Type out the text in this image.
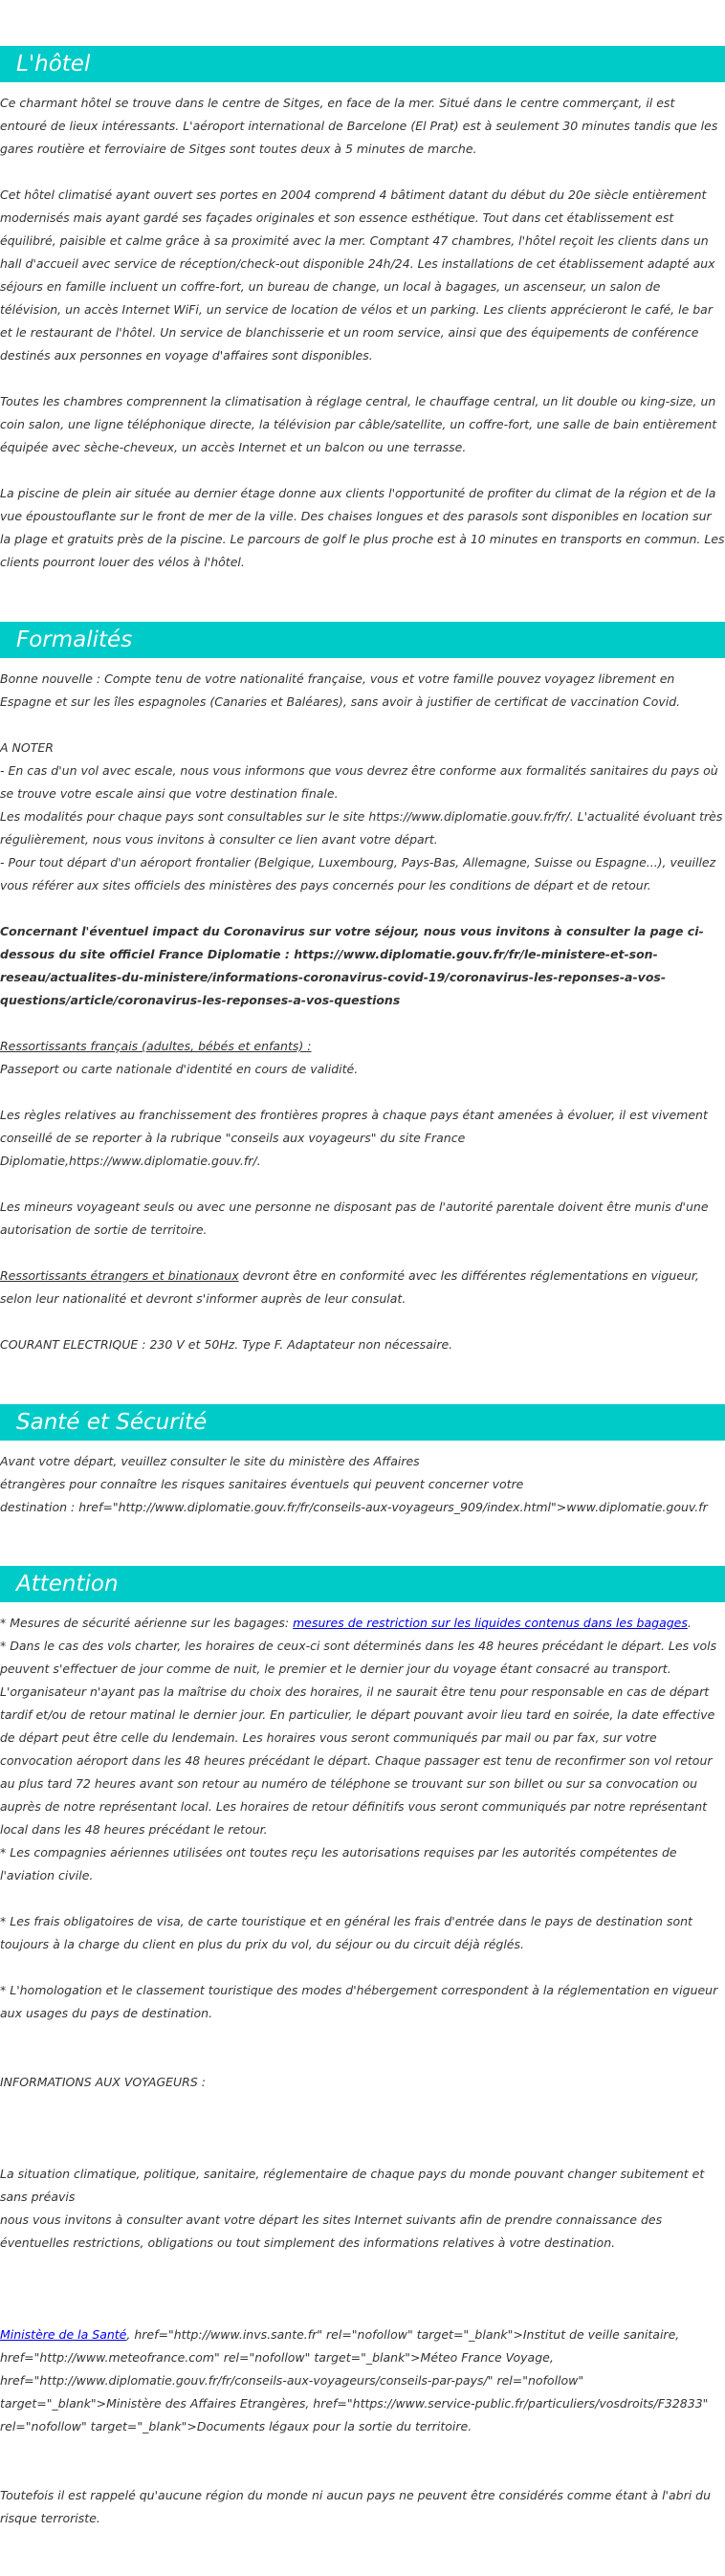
L'hôtel

Ce charmant hôtel se trouve dans le centre de Sitges, en face de la mer. Situé dans le centre commerçant, il est entouré de lieux intéressants. L'aéroport international de Barcelone (El Prat) est à seulement 30 minutes tandis que les gares routière et ferroviaire de Sitges sont toutes deux à 5 minutes de marche.

Cet hôtel climatisé ayant ouvert ses portes en 2004 comprend 4 bâtiment datant du début du 20e siècle entièrement modernisés mais ayant gardé ses façades originales et son essence esthétique. Tout dans cet établissement est équilibré, paisible et calme grâce à sa proximité avec la mer. Comptant 47 chambres, l'hôtel reçoit les clients dans un hall d'accueil avec service de réception/check-out disponible 24h/24. Les installations de cet établissement adapté aux séjours en famille incluent un coffre-fort, un bureau de change, un local à bagages, un ascenseur, un salon de télévision, un accès Internet WiFi, un service de location de vélos et un parking. Les clients apprécieront le café, le bar et le restaurant de l'hôtel. Un service de blanchisserie et un room service, ainsi que des équipements de conférence destinés aux personnes en voyage d'affaires sont disponibles.

Toutes les chambres comprennent la climatisation à réglage central, le chauffage central, un lit double ou king-size, un coin salon, une ligne téléphonique directe, la télévision par câble/satellite, un coffre-fort, une salle de bain entièrement équipée avec sèche-cheveux, un accès Internet et un balcon ou une terrasse.

La piscine de plein air située au dernier étage donne aux clients l'opportunité de profiter du climat de la région et de la vue époustouflante sur le front de mer de la ville. Des chaises longues et des parasols sont disponibles en location sur la plage et gratuits près de la piscine. Le parcours de golf le plus proche est à 10 minutes en transports en commun. Les clients pourront louer des vélos à l'hôtel.

Formalités

Bonne nouvelle : Compte tenu de votre nationalité française, vous et votre famille pouvez voyagez librement en Espagne et sur les îles espagnoles (Canaries et Baléares), sans avoir à justifier de certificat de vaccination Covid.

A NOTER

- En cas d'un vol avec escale, nous vous informons que vous devrez être conforme aux formalités sanitaires du pays où se trouve votre escale ainsi que votre destination finale.

Les modalités pour chaque pays sont consultables sur le site https://www.diplomatie.gouv.fr/fr/. L'actualité évoluant très régulièrement, nous vous invitons à consulter ce lien avant votre départ.

- Pour tout départ d'un aéroport frontalier (Belgique, Luxembourg, Pays-Bas, Allemagne, Suisse ou Espagne...), veuillez vous référer aux sites officiels des ministères des pays concernés pour les conditions de départ et de retour.

Concernant l'éventuel impact du Coronavirus sur votre séjour, nous vous invitons à consulter la page ci-dessous du site officiel France Diplomatie : https://www.diplomatie.gouv.fr/fr/le-ministere-et-son-reseau/actualites-du-ministere/informations-coronavirus-covid-19/coronavirus-les-reponses-a-vos-questions/article/coronavirus-les-reponses-a-vos-questions

Ressortissants français (adultes, bébés et enfants) :

Passeport ou carte nationale d'identité en cours de validité.

Les règles relatives au franchissement des frontières propres à chaque pays étant amenées à évoluer, il est vivement conseillé de se reporter à la rubrique "conseils aux voyageurs" du site France Diplomatie,https://www.diplomatie.gouv.fr/.

Les mineurs voyageant seuls ou avec une personne ne disposant pas de l'autorité parentale doivent être munis d'une autorisation de sortie de territoire.

Ressortissants étrangers et binationaux devront être en conformité avec les différentes réglementations en vigueur, selon leur nationalité et devront s'informer auprès de leur consulat.

COURANT ELECTRIQUE : 230 V et 50Hz. Type F. Adaptateur non nécessaire.

Santé et Sécurité

Avant votre départ, veuillez consulter le site du ministère des Affaires

étrangères pour connaître les risques sanitaires éventuels qui peuvent concerner votre

destination : href="http://www.diplomatie.gouv.fr/fr/conseils-aux-voyageurs_909/index.html">www.diplomatie.gouv.fr

Attention

* Mesures de sécurité aérienne sur les bagages: mesures de restriction sur les liquides contenus dans les bagages.

* Dans le cas des vols charter, les horaires de ceux-ci sont déterminés dans les 48 heures précédant le départ. Les vols peuvent s'effectuer de jour comme de nuit, le premier et le dernier jour du voyage étant consacré au transport. L'organisateur n'ayant pas la maîtrise du choix des horaires, il ne saurait être tenu pour responsable en cas de départ tardif et/ou de retour matinal le dernier jour. En particulier, le départ pouvant avoir lieu tard en soirée, la date effective de départ peut être celle du lendemain. Les horaires vous seront communiqués par mail ou par fax, sur votre convocation aéroport dans les 48 heures précédant le départ. Chaque passager est tenu de reconfirmer son vol retour au plus tard 72 heures avant son retour au numéro de téléphone se trouvant sur son billet ou sur sa convocation ou auprès de notre représentant local. Les horaires de retour définitifs vous seront communiqués par notre représentant local dans les 48 heures précédant le retour.

* Les compagnies aériennes utilisées ont toutes reçu les autorisations requises par les autorités compétentes de l'aviation civile.

* Les frais obligatoires de visa, de carte touristique et en général les frais d'entrée dans le pays de destination sont toujours à la charge du client en plus du prix du vol, du séjour ou du circuit déjà réglés.

* L'homologation et le classement touristique des modes d'hébergement correspondent à la réglementation en vigueur aux usages du pays de destination.

INFORMATIONS AUX VOYAGEURS :

La situation climatique, politique, sanitaire, réglementaire de chaque pays du monde pouvant changer subitement et sans préavis

nous vous invitons à consulter avant votre départ les sites Internet suivants afin de prendre connaissance des éventuelles restrictions, obligations ou tout simplement des informations relatives à votre destination.

Ministère de la Santé, href="http://www.invs.sante.fr" rel="nofollow" target="_blank">Institut de veille sanitaire, href="http://www.meteofrance.com" rel="nofollow" target="_blank">Méteo France Voyage, href="http://www.diplomatie.gouv.fr/fr/conseils-aux-voyageurs/conseils-par-pays/" rel="nofollow" target="_blank">Ministère des Affaires Etrangères, href="https://www.service-public.fr/particuliers/vosdroits/F32833" rel="nofollow" target="_blank">Documents légaux pour la sortie du territoire.

Toutefois il est rappelé qu'aucune région du monde ni aucun pays ne peuvent être considérés comme étant à l'abri du risque terroriste.
